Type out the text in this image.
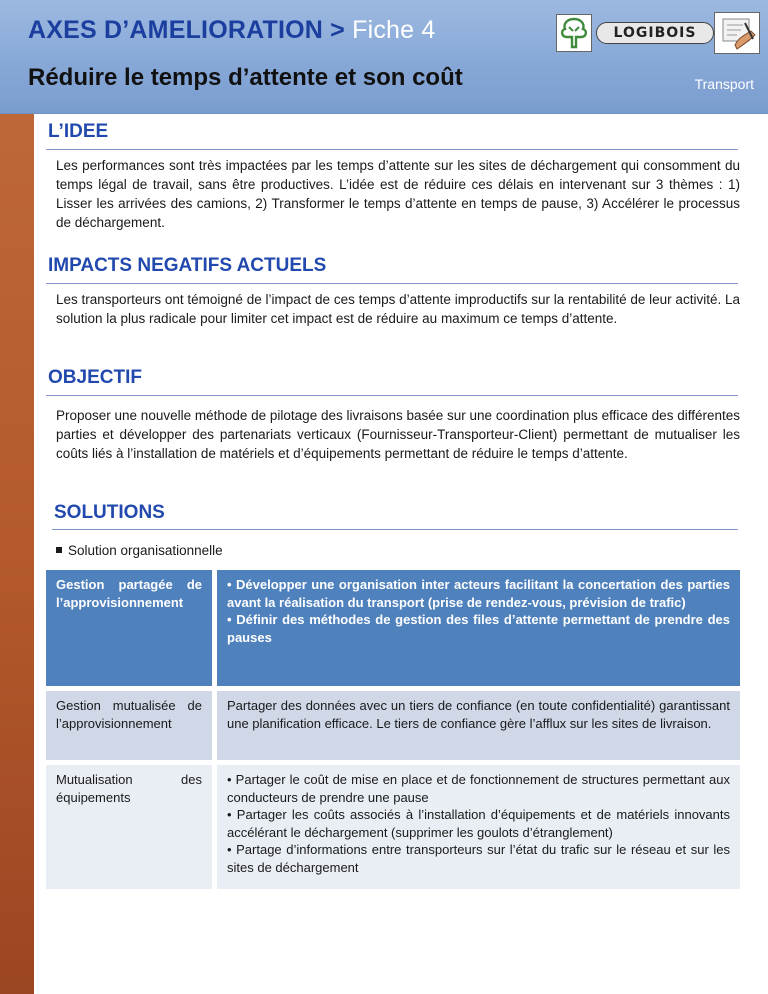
AXES D’AMELIORATION > Fiche 4
Réduire le temps d’attente et son coût	Transport
LOGIBOIS
L’IDEE

Les performances sont très impactées par les temps d’attente sur les sites de déchargement qui consomment du temps légal de travail, sans être productives. L’idée est de réduire ces délais en intervenant sur 3 thèmes : 1) Lisser les arrivées des camions, 2) Transformer le temps d’attente en temps de pause, 3) Accélérer le processus de déchargement.

IMPACTS NEGATIFS ACTUELS

Les transporteurs ont témoigné de l’impact de ces temps d’attente improductifs sur la rentabilité de leur activité. La solution la plus radicale pour limiter cet impact est de réduire au maximum ce temps d’attente.

OBJECTIF

Proposer une nouvelle méthode de pilotage des livraisons basée sur une coordination plus efficace des différentes parties et développer des partenariats verticaux (Fournisseur-Transporteur-Client) permettant de mutualiser les coûts liés à l’installation de matériels et d’équipements permettant de réduire le temps d’attente.

SOLUTIONS

Solution organisationnelle

Gestion partagée de l’approvisionnement

• Développer une organisation inter acteurs facilitant la concertation des parties avant la réalisation du transport (prise de rendez-vous, prévision de trafic)

• Définir des méthodes de gestion des files d’attente permettant de prendre des pauses

Gestion mutualisée de l’approvisionnement

Partager des données avec un tiers de confiance (en toute confidentialité) garantissant une planification efficace. Le tiers de confiance gère l’afflux sur les sites de livraison.

Mutualisation des équipements

• Partager le coût de mise en place et de fonctionnement de structures permettant aux conducteurs de prendre une pause

• Partager les coûts associés à l’installation d’équipements et de matériels innovants accélérant le déchargement (supprimer les goulots d’étranglement)

• Partage d’informations entre transporteurs sur l’état du trafic sur le réseau et sur les sites de déchargement
